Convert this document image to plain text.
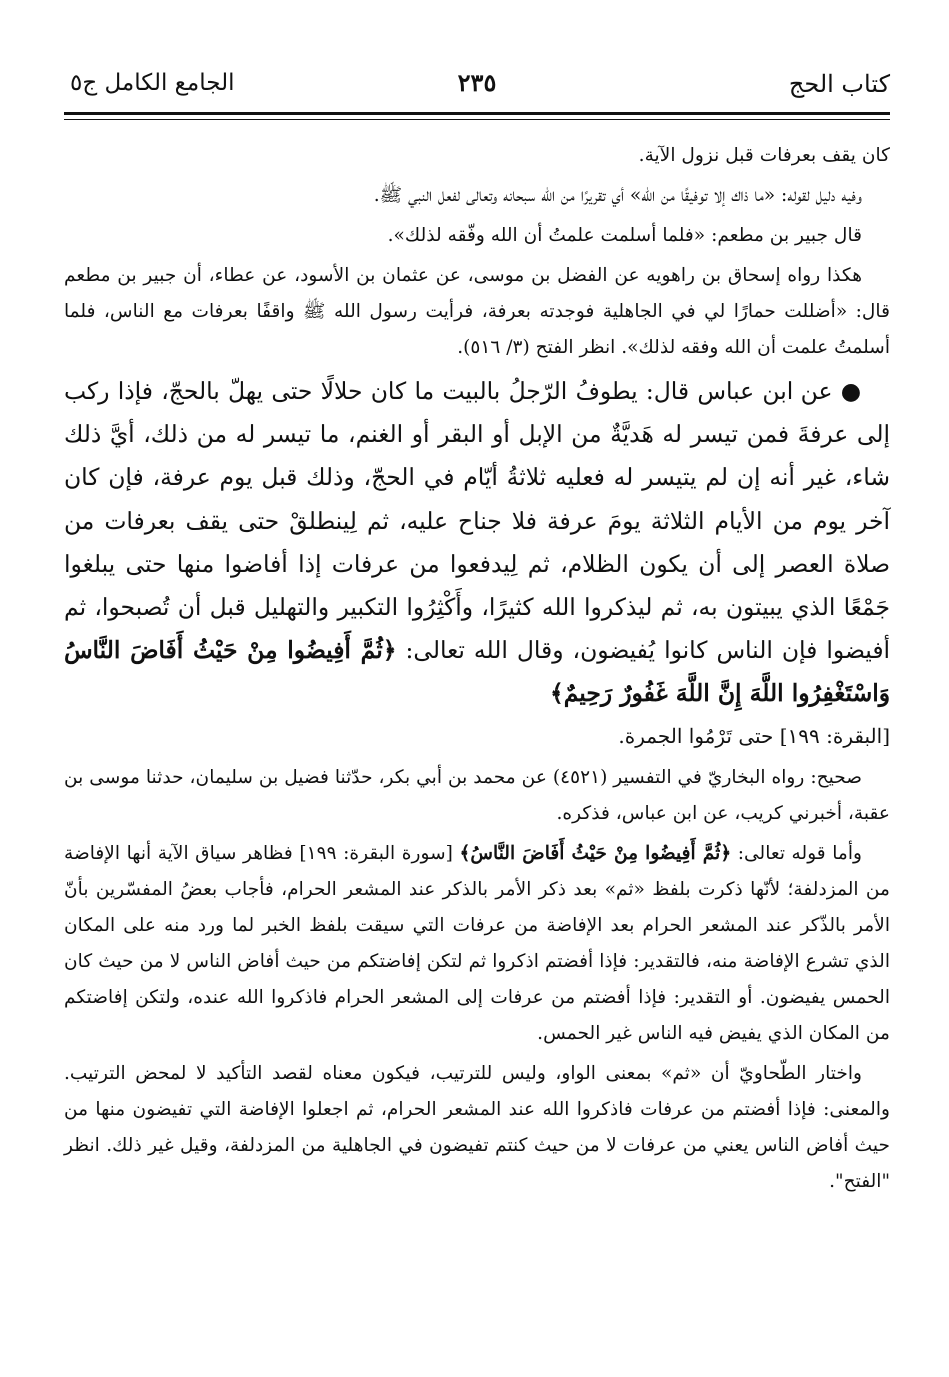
كتاب الحج
٢٣٥
الجامع الكامل ج٥

كان يقف بعرفات قبل نزول الآية.

وفيه دليل لقوله: «ما ذاك إلا توفيقًا من الله» أي تقريرًا من الله سبحانه وتعالى لفعل النبي ﷺ.

قال جبير بن مطعم: «فلما أسلمت علمتُ أن الله وفّقه لذلك».

هكذا رواه إسحاق بن راهويه عن الفضل بن موسى، عن عثمان بن الأسود، عن عطاء، أن جبير بن مطعم قال: «أضللت حمارًا لي في الجاهلية فوجدته بعرفة، فرأيت رسول الله ﷺ واقفًا بعرفات مع الناس، فلما أسلمتُ علمت أن الله وفقه لذلك». انظر الفتح (٣/ ٥١٦).

● عن ابن عباس قال: يطوفُ الرّجلُ بالبيت ما كان حلالًا حتى يهلّ بالحجّ، فإذا ركب إلى عرفةَ فمن تيسر له هَديَّةٌ من الإبل أو البقر أو الغنم، ما تيسر له من ذلك، أيَّ ذلك شاء، غير أنه إن لم يتيسر له فعليه ثلاثةُ أيّام في الحجّ، وذلك قبل يوم عرفة، فإن كان آخر يوم من الأيام الثلاثة يومَ عرفة فلا جناح عليه، ثم لِينطلقْ حتى يقف بعرفات من صلاة العصر إلى أن يكون الظلام، ثم لِيدفعوا من عرفات إذا أفاضوا منها حتى يبلغوا جَمْعًا الذي يبيتون به، ثم ليذكروا الله كثيرًا، وأَكْثِرُوا التكبير والتهليل قبل أن تُصبحوا، ثم أفيضوا فإن الناس كانوا يُفيضون، وقال الله تعالى: ﴿ثُمَّ أَفِيضُوا مِنْ حَيْثُ أَفَاضَ النَّاسُ وَاسْتَغْفِرُوا اللَّهَ إِنَّ اللَّهَ غَفُورٌ رَحِيمٌ﴾

[البقرة: ١٩٩] حتى تَرْمُوا الجمرة.

صحيح: رواه البخاريّ في التفسير (٤٥٢١) عن محمد بن أبي بكر، حدّثنا فضيل بن سليمان، حدثنا موسى بن عقبة، أخبرني كريب، عن ابن عباس، فذكره.

وأما قوله تعالى: ﴿ثُمَّ أَفِيضُوا مِنْ حَيْثُ أَفَاضَ النَّاسُ﴾ [سورة البقرة: ١٩٩] فظاهر سياق الآية أنها الإفاضة من المزدلفة؛ لأنّها ذكرت بلفظ «ثم» بعد ذكر الأمر بالذكر عند المشعر الحرام، فأجاب بعضُ المفسّرين بأنّ الأمر بالذّكر عند المشعر الحرام بعد الإفاضة من عرفات التي سيقت بلفظ الخبر لما ورد منه على المكان الذي تشرع الإفاضة منه، فالتقدير: فإذا أفضتم اذكروا ثم لتكن إفاضتكم من حيث أفاض الناس لا من حيث كان الحمس يفيضون. أو التقدير: فإذا أفضتم من عرفات إلى المشعر الحرام فاذكروا الله عنده، ولتكن إفاضتكم من المكان الذي يفيض فيه الناس غير الحمس.

واختار الطّحاويّ أن «ثم» بمعنى الواو، وليس للترتيب، فيكون معناه لقصد التأكيد لا لمحض الترتيب. والمعنى: فإذا أفضتم من عرفات فاذكروا الله عند المشعر الحرام، ثم اجعلوا الإفاضة التي تفيضون منها من حيث أفاض الناس يعني من عرفات لا من حيث كنتم تفيضون في الجاهلية من المزدلفة، وقيل غير ذلك. انظر "الفتح".
